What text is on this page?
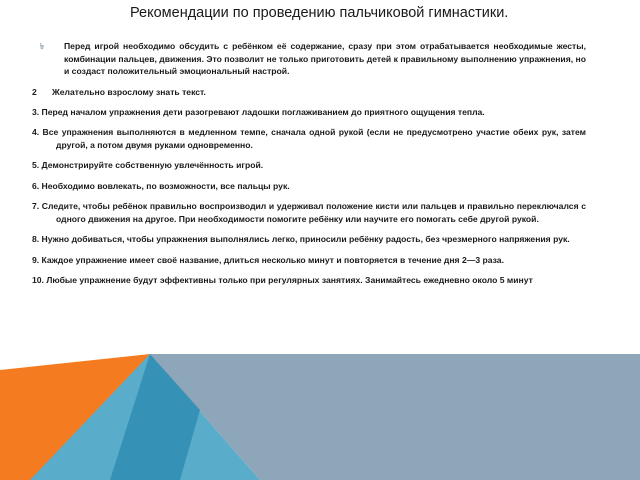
Рекомендации по проведению пальчиковой гимнастики.

৳ Перед игрой необходимо обсудить с ребёнком её содержание, сразу при этом отрабатывается необходимые жесты, комбинации пальцев, движения. Это позволит не только приготовить детей к правильному выполнению упражнения, но и создаст положительный эмоциональный настрой.

2 Желательно взрослому знать текст.

3. Перед началом упражнения дети разогревают ладошки поглаживанием до приятного ощущения тепла.

4. Все упражнения выполняются в медленном темпе, сначала одной рукой (если не предусмотрено участие обеих рук, затем другой, а потом двумя руками одновременно.

5. Демонстрируйте собственную увлечённость игрой.

6. Необходимо вовлекать, по возможности, все пальцы рук.

7. Следите, чтобы ребёнок правильно воспроизводил и удерживал положение кисти или пальцев и правильно переключался с одного движения на другое. При необходимости помогите ребёнку или научите его помогать себе другой рукой.

8. Нужно добиваться, чтобы упражнения выполнялись легко, приносили ребёнку радость, без чрезмерного напряжения рук.

9. Каждое упражнение имеет своё название, длиться несколько минут и повторяется в течение дня 2—3 раза.

10. Любые упражнение будут эффективны только при регулярных занятиях. Занимайтесь ежедневно около 5 минут
